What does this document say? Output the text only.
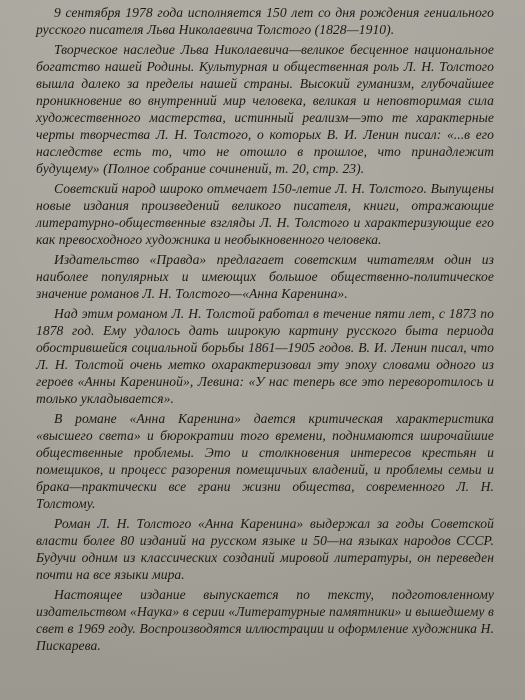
9 сентября 1978 года исполняется 150 лет со дня рождения гениального русского писателя Льва Николаевича Толстого (1828—1910).

Творческое наследие Льва Николаевича—великое бесценное национальное богатство нашей Родины. Культурная и общественная роль Л. Н. Толстого вышла далеко за пределы нашей страны. Высокий гуманизм, глубочайшее проникновение во внутренний мир человека, великая и неповторимая сила художественного мастерства, истинный реализм—это те характерные черты творчества Л. Н. Толстого, о которых В. И. Ленин писал: «...в его наследстве есть то, что не отошло в прошлое, что принадлежит будущему» (Полное собрание сочинений, т. 20, стр. 23).

Советский народ широко отмечает 150-летие Л. Н. Толстого. Выпущены новые издания произведений великого писателя, книги, отражающие литературно-общественные взгляды Л. Н. Толстого и характеризующие его как превосходного художника и необыкновенного человека.

Издательство «Правда» предлагает советским читателям один из наиболее популярных и имеющих большое общественно-политическое значение романов Л. Н. Толстого—«Анна Каренина».

Над этим романом Л. Н. Толстой работал в течение пяти лет, с 1873 по 1878 год. Ему удалось дать широкую картину русского быта периода обострившейся социальной борьбы 1861—1905 годов. В. И. Ленин писал, что Л. Н. Толстой очень метко охарактеризовал эту эпоху словами одного из героев «Анны Карениной», Левина: «У нас теперь все это переворотилось и только укладывается».

В романе «Анна Каренина» дается критическая характеристика «высшего света» и бюрократии того времени, поднимаются широчайшие общественные проблемы. Это и столкновения интересов крестьян и помещиков, и процесс разорения помещичьих владений, и проблемы семьи и брака—практически все грани жизни общества, современного Л. Н. Толстому.

Роман Л. Н. Толстого «Анна Каренина» выдержал за годы Советской власти более 80 изданий на русском языке и 50—на языках народов СССР. Будучи одним из классических созданий мировой литературы, он переведен почти на все языки мира.

Настоящее издание выпускается по тексту, подготовленному издательством «Наука» в серии «Литературные памятники» и вышедшему в свет в 1969 году. Воспроизводятся иллюстрации и оформление художника Н. Пискарева.
